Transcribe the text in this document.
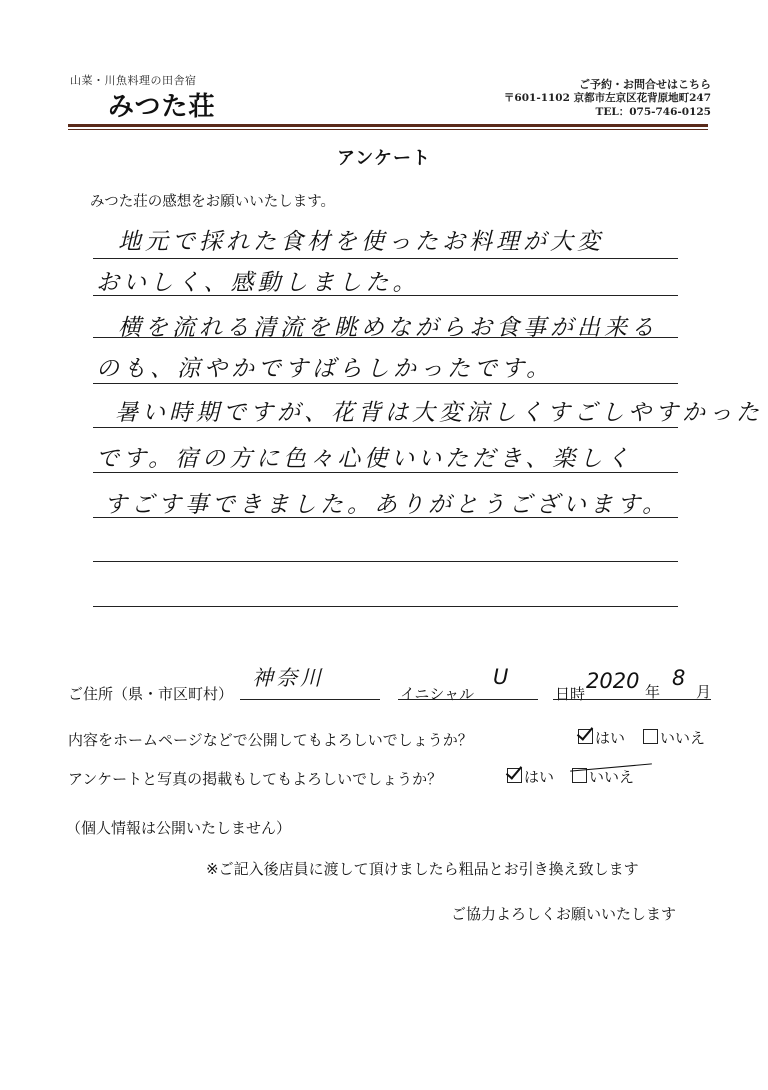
山菜・川魚料理の田舎宿
みつた荘
ご予約・お問合せはこちら
〒601-1102 京都市左京区花背原地町247
TEL：075-746-0125
アンケート
みつた荘の感想をお願いいたします。
地元で採れた食材を使ったお料理が大変
おいしく、感動しました。
横を流れる清流を眺めながらお食事が出来る
のも、涼やかですばらしかったです。
暑い時期ですが、花背は大変涼しくすごしやすかった
です。宿の方に色々心使いいただき、楽しく
すごす事できました。ありがとうございます。
ご住所（県・市区町村）
神奈川
イニシャル
U
日時
2020 年
8
月
内容をホームページなどで公開してもよろしいでしょうか？	はい	いいえ
アンケートと写真の掲載もしてもよろしいでしょうか？	はい	いいえ
（個人情報は公開いたしません）
※ご記入後店員に渡して頂けましたら粗品とお引き換え致します
ご協力よろしくお願いいたします
